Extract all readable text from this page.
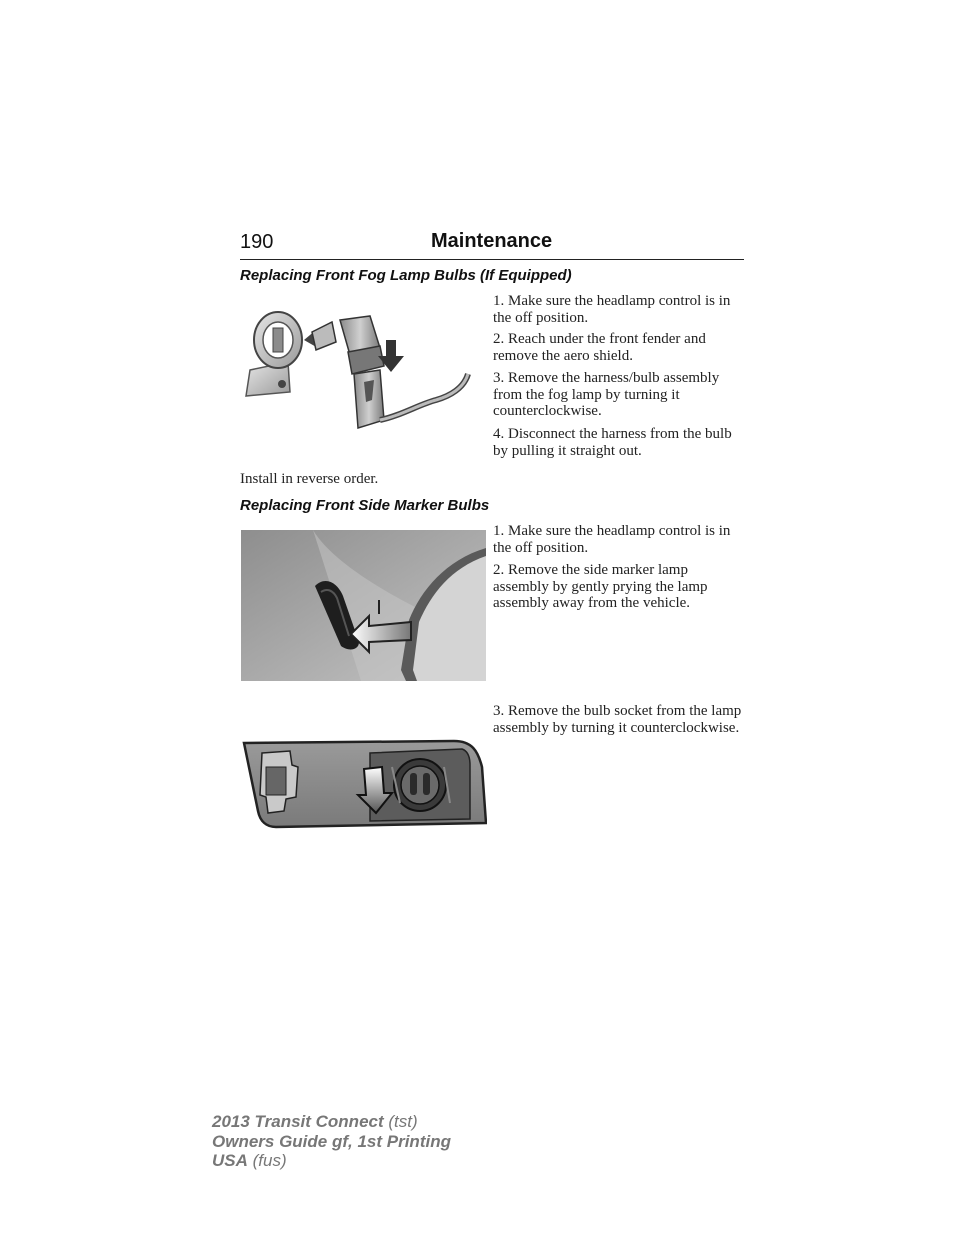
190	Maintenance
Replacing Front Fog Lamp Bulbs (If Equipped)
1. Make sure the headlamp control is in the off position.
2. Reach under the front fender and remove the aero shield.
3. Remove the harness/bulb assembly from the fog lamp by turning it counterclockwise.
4. Disconnect the harness from the bulb by pulling it straight out.
Install in reverse order.
Replacing Front Side Marker Bulbs
1. Make sure the headlamp control is in the off position.
2. Remove the side marker lamp assembly by gently prying the lamp assembly away from the vehicle.
3. Remove the bulb socket from the lamp assembly by turning it counterclockwise.
2013 Transit Connect (tst)
Owners Guide gf, 1st Printing
USA (fus)
